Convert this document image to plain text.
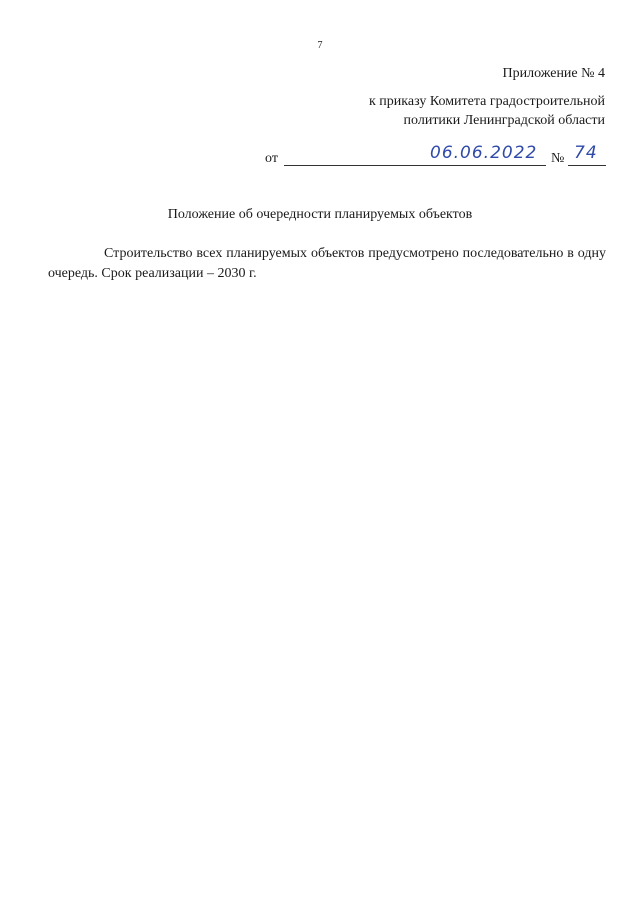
7
Приложение № 4
к приказу Комитета градостроительной
политики Ленинградской области
от	06.06.2022 № 74
Положение об очередности планируемых объектов
Строительство всех планируемых объектов предусмотрено последовательно в одну очередь. Срок реализации – 2030 г.
